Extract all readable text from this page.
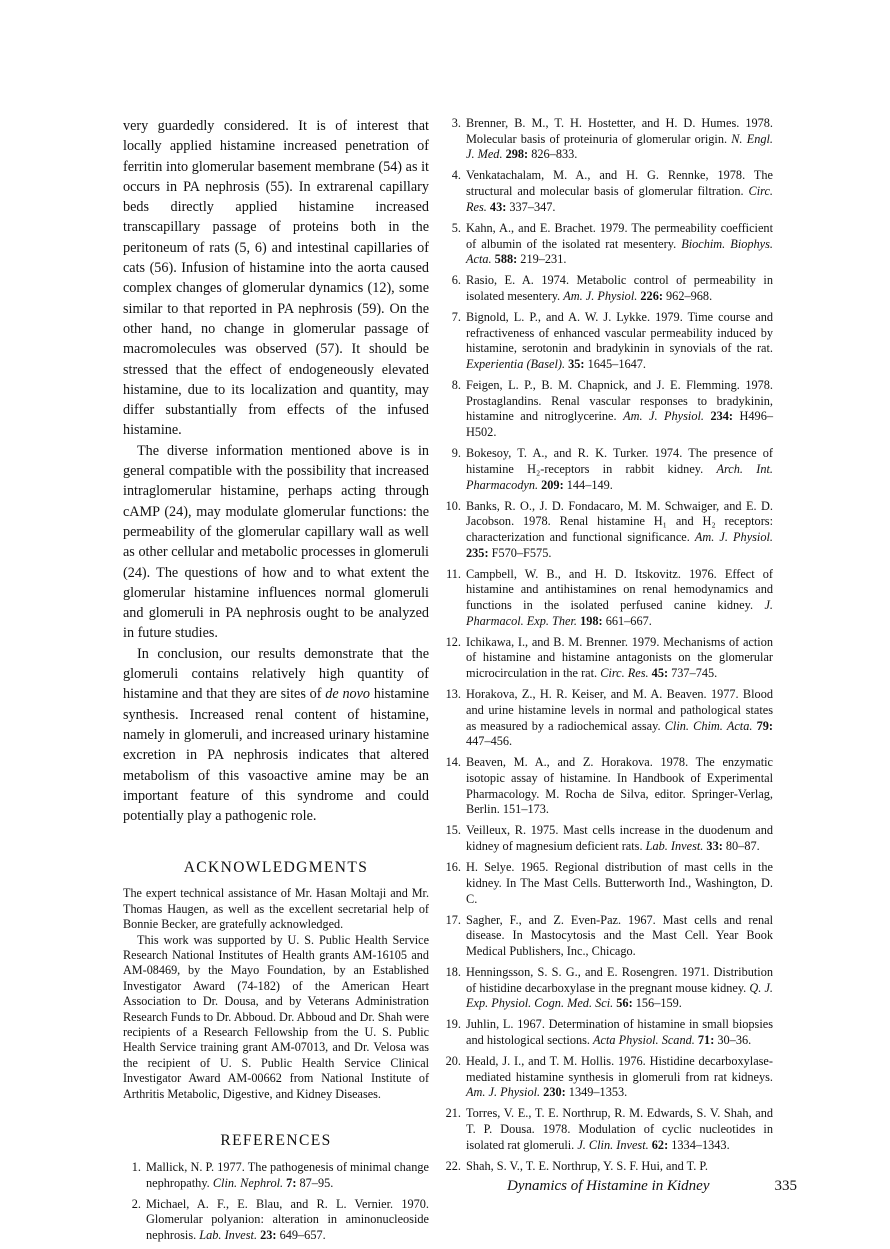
very guardedly considered. It is of interest that locally applied histamine increased penetration of ferritin into glomerular basement membrane (54) as it occurs in PA nephrosis (55). In extrarenal capillary beds directly applied histamine increased transcapillary passage of proteins both in the peritoneum of rats (5, 6) and intestinal capillaries of cats (56). Infusion of histamine into the aorta caused complex changes of glomerular dynamics (12), some similar to that reported in PA nephrosis (59). On the other hand, no change in glomerular passage of macromolecules was observed (57). It should be stressed that the effect of endogeneously elevated histamine, due to its localization and quantity, may differ substantially from effects of the infused histamine.

The diverse information mentioned above is in general compatible with the possibility that increased intraglomerular histamine, perhaps acting through cAMP (24), may modulate glomerular functions: the permeability of the glomerular capillary wall as well as other cellular and metabolic processes in glomeruli (24). The questions of how and to what extent the glomerular histamine influences normal glomeruli and glomeruli in PA nephrosis ought to be analyzed in future studies.

In conclusion, our results demonstrate that the glomeruli contains relatively high quantity of histamine and that they are sites of de novo histamine synthesis. Increased renal content of histamine, namely in glomeruli, and increased urinary histamine excretion in PA nephrosis indicates that altered metabolism of this vasoactive amine may be an important feature of this syndrome and could potentially play a pathogenic role.

ACKNOWLEDGMENTS

The expert technical assistance of Mr. Hasan Moltaji and Mr. Thomas Haugen, as well as the excellent secretarial help of Bonnie Becker, are gratefully acknowledged.

This work was supported by U. S. Public Health Service Research National Institutes of Health grants AM-16105 and AM-08469, by the Mayo Foundation, by an Established Investigator Award (74-182) of the American Heart Association to Dr. Dousa, and by Veterans Administration Research Funds to Dr. Abboud. Dr. Abboud and Dr. Shah were recipients of a Research Fellowship from the U. S. Public Health Service training grant AM-07013, and Dr. Velosa was the recipient of U. S. Public Health Service Clinical Investigator Award AM-00662 from National Institute of Arthritis Metabolic, Digestive, and Kidney Diseases.

REFERENCES
1. Mallick, N. P. 1977. The pathogenesis of minimal change nephropathy. Clin. Nephrol. 7: 87–95.
2. Michael, A. F., E. Blau, and R. L. Vernier. 1970. Glomerular polyanion: alteration in aminonucleoside nephrosis. Lab. Invest. 23: 649–657.
3. Brenner, B. M., T. H. Hostetter, and H. D. Humes. 1978. Molecular basis of proteinuria of glomerular origin. N. Engl. J. Med. 298: 826–833.
4. Venkatachalam, M. A., and H. G. Rennke, 1978. The structural and molecular basis of glomerular filtration. Circ. Res. 43: 337–347.
5. Kahn, A., and E. Brachet. 1979. The permeability coefficient of albumin of the isolated rat mesentery. Biochim. Biophys. Acta. 588: 219–231.
6. Rasio, E. A. 1974. Metabolic control of permeability in isolated mesentery. Am. J. Physiol. 226: 962–968.
7. Bignold, L. P., and A. W. J. Lykke. 1979. Time course and refractiveness of enhanced vascular permeability induced by histamine, serotonin and bradykinin in synovials of the rat. Experientia (Basel). 35: 1645–1647.
8. Feigen, L. P., B. M. Chapnick, and J. E. Flemming. 1978. Prostaglandins. Renal vascular responses to bradykinin, histamine and nitroglycerine. Am. J. Physiol. 234: H496–H502.
9. Bokesoy, T. A., and R. K. Turker. 1974. The presence of histamine H₂-receptors in rabbit kidney. Arch. Int. Pharmacodyn. 209: 144–149.
10. Banks, R. O., J. D. Fondacaro, M. M. Schwaiger, and E. D. Jacobson. 1978. Renal histamine H₁ and H₂ receptors: characterization and functional significance. Am. J. Physiol. 235: F570–F575.
11. Campbell, W. B., and H. D. Itskovitz. 1976. Effect of histamine and antihistamines on renal hemodynamics and functions in the isolated perfused canine kidney. J. Pharmacol. Exp. Ther. 198: 661–667.
12. Ichikawa, I., and B. M. Brenner. 1979. Mechanisms of action of histamine and histamine antagonists on the glomerular microcirculation in the rat. Circ. Res. 45: 737–745.
13. Horakova, Z., H. R. Keiser, and M. A. Beaven. 1977. Blood and urine histamine levels in normal and pathological states as measured by a radiochemical assay. Clin. Chim. Acta. 79: 447–456.
14. Beaven, M. A., and Z. Horakova. 1978. The enzymatic isotopic assay of histamine. In Handbook of Experimental Pharmacology. M. Rocha de Silva, editor. Springer-Verlag, Berlin. 151–173.
15. Veilleux, R. 1975. Mast cells increase in the duodenum and kidney of magnesium deficient rats. Lab. Invest. 33: 80–87.
16. H. Selye. 1965. Regional distribution of mast cells in the kidney. In The Mast Cells. Butterworth Ind., Washington, D. C.
17. Sagher, F., and Z. Even-Paz. 1967. Mast cells and renal disease. In Mastocytosis and the Mast Cell. Year Book Medical Publishers, Inc., Chicago.
18. Henningsson, S. S. G., and E. Rosengren. 1971. Distribution of histidine decarboxylase in the pregnant mouse kidney. Q. J. Exp. Physiol. Cogn. Med. Sci. 56: 156–159.
19. Juhlin, L. 1967. Determination of histamine in small biopsies and histological sections. Acta Physiol. Scand. 71: 30–36.
20. Heald, J. I., and T. M. Hollis. 1976. Histidine decarboxylase-mediated histamine synthesis in glomeruli from rat kidneys. Am. J. Physiol. 230: 1349–1353.
21. Torres, V. E., T. E. Northrup, R. M. Edwards, S. V. Shah, and T. P. Dousa. 1978. Modulation of cyclic nucleotides in isolated rat glomeruli. J. Clin. Invest. 62: 1334–1343.
22. Shah, S. V., T. E. Northrup, Y. S. F. Hui, and T. P.
Dynamics of Histamine in Kidney	335
